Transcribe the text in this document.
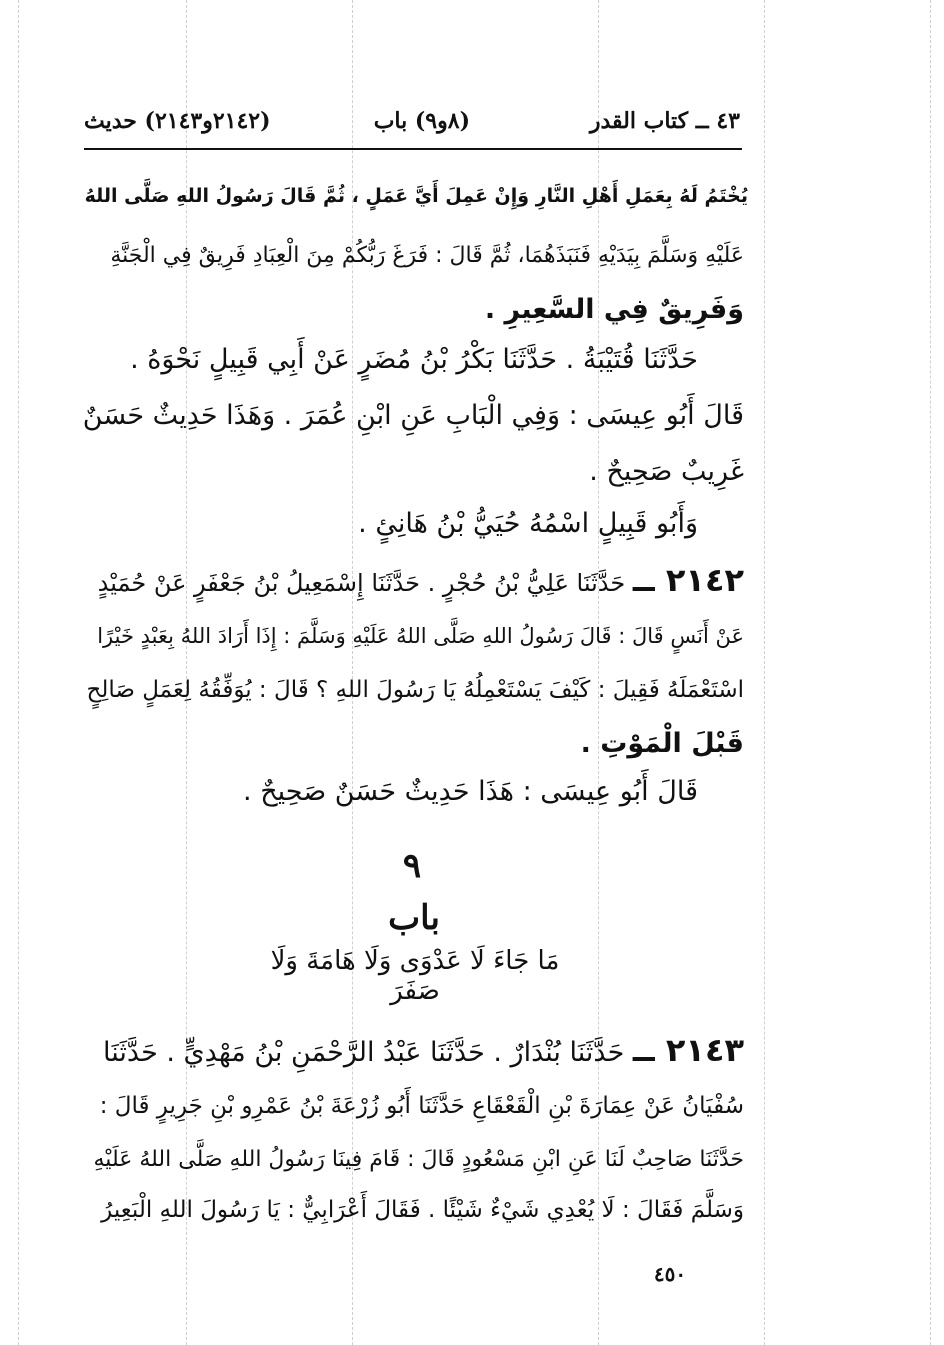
٤٣ ــ كتاب القدر
(٨و٩) باب
(٢١٤٢و٢١٤٣) حديث
يُخْتَمُ لَهُ بِعَمَلِ أَهْلِ النَّارِ وَإِنْ عَمِلَ أَيَّ عَمَلٍ ، ثُمَّ قَالَ رَسُولُ اللهِ صَلَّى اللهُ
عَلَيْهِ وَسَلَّمَ بِيَدَيْهِ فَنَبَذَهُمَا، ثُمَّ قَالَ : فَرَغَ رَبُّكُمْ مِنَ الْعِبَادِ فَرِيقٌ فِي الْجَنَّةِ
وَفَرِيقٌ فِي السَّعِيرِ .
حَدَّثَنَا قُتَيْبَةُ . حَدَّثَنَا بَكْرُ بْنُ مُضَرٍ عَنْ أَبِي قَبِيلٍ نَحْوَهُ .
قَالَ أَبُو عِيسَى : وَفِي الْبَابِ عَنِ ابْنِ عُمَرَ . وَهَذَا حَدِيثٌ حَسَنٌ
غَرِيبٌ صَحِيحٌ .
وَأَبُو قَبِيلٍ اسْمُهُ حُيَيُّ بْنُ هَانِئٍ .
٢١٤٢ ــ حَدَّثَنَا عَلِيُّ بْنُ حُجْرٍ . حَدَّثَنَا إِسْمَعِيلُ بْنُ جَعْفَرٍ عَنْ حُمَيْدٍ
عَنْ أَنَسٍ قَالَ : قَالَ رَسُولُ اللهِ صَلَّى اللهُ عَلَيْهِ وَسَلَّمَ : إِذَا أَرَادَ اللهُ بِعَبْدٍ خَيْرًا
اسْتَعْمَلَهُ فَقِيلَ : كَيْفَ يَسْتَعْمِلُهُ يَا رَسُولَ اللهِ ؟ قَالَ : يُوَفِّقُهُ لِعَمَلٍ صَالِحٍ
قَبْلَ الْمَوْتِ .
قَالَ أَبُو عِيسَى : هَذَا حَدِيثٌ حَسَنٌ صَحِيحٌ .
٩
باب
مَا جَاءَ لَا عَدْوَى وَلَا هَامَةَ وَلَا صَفَرَ
٢١٤٣ ــ حَدَّثَنَا بُنْدَارٌ . حَدَّثَنَا عَبْدُ الرَّحْمَنِ بْنُ مَهْدِيٍّ . حَدَّثَنَا
سُفْيَانُ عَنْ عِمَارَةَ بْنِ الْقَعْقَاعِ حَدَّثَنَا أَبُو زُرْعَةَ بْنُ عَمْرِو بْنِ جَرِيرٍ قَالَ :
حَدَّثَنَا صَاحِبٌ لَنَا عَنِ ابْنِ مَسْعُودٍ قَالَ : قَامَ فِينَا رَسُولُ اللهِ صَلَّى اللهُ عَلَيْهِ
وَسَلَّمَ فَقَالَ : لَا يُعْدِي شَيْءٌ شَيْئًا . فَقَالَ أَعْرَابِيٌّ : يَا رَسُولَ اللهِ الْبَعِيرُ
٤٥٠
